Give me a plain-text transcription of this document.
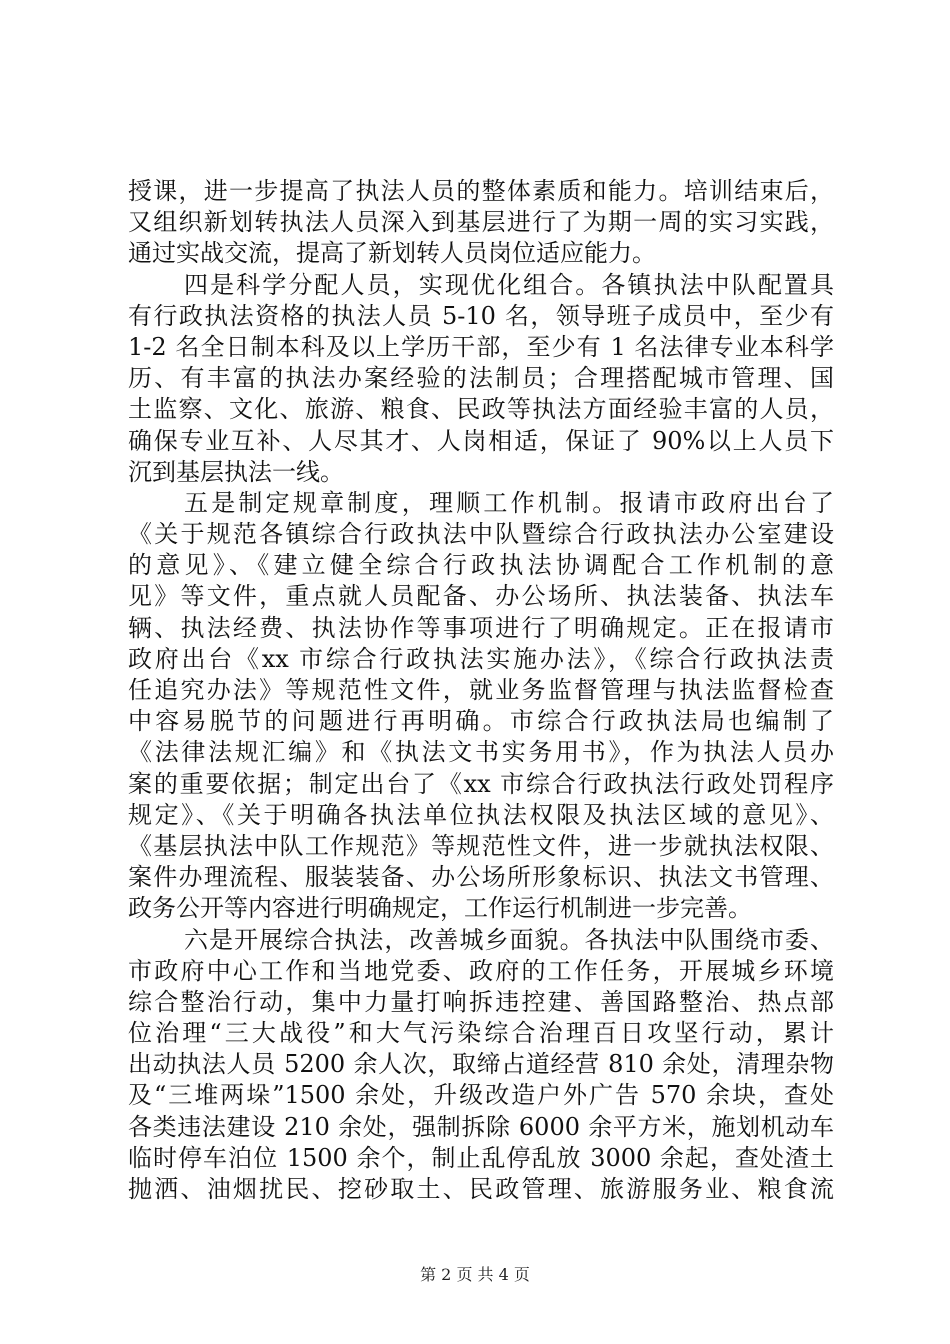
授课，进一步提高了执法人员的整体素质和能力。培训结束后，
又组织新划转执法人员深入到基层进行了为期一周的实习实践，
通过实战交流，提高了新划转人员岗位适应能力。
四是科学分配人员，实现优化组合。各镇执法中队配置具
有行政执法资格的执法人员 5-10 名，领导班子成员中，至少有
1-2 名全日制本科及以上学历干部，至少有 1 名法律专业本科学
历、有丰富的执法办案经验的法制员；合理搭配城市管理、国
土监察、文化、旅游、粮食、民政等执法方面经验丰富的人员，
确保专业互补、人尽其才、人岗相适，保证了 90%以上人员下
沉到基层执法一线。
五是制定规章制度，理顺工作机制。报请市政府出台了
《关于规范各镇综合行政执法中队暨综合行政执法办公室建设
的意见》、《建立健全综合行政执法协调配合工作机制的意
见》等文件，重点就人员配备、办公场所、执法装备、执法车
辆、执法经费、执法协作等事项进行了明确规定。正在报请市
政府出台《xx 市综合行政执法实施办法》，《综合行政执法责
任追究办法》等规范性文件，就业务监督管理与执法监督检查
中容易脱节的问题进行再明确。市综合行政执法局也编制了
《法律法规汇编》和《执法文书实务用书》，作为执法人员办
案的重要依据；制定出台了《xx 市综合行政执法行政处罚程序
规定》、《关于明确各执法单位执法权限及执法区域的意见》、
《基层执法中队工作规范》等规范性文件，进一步就执法权限、
案件办理流程、服装装备、办公场所形象标识、执法文书管理、
政务公开等内容进行明确规定，工作运行机制进一步完善。
六是开展综合执法，改善城乡面貌。各执法中队围绕市委、
市政府中心工作和当地党委、政府的工作任务，开展城乡环境
综合整治行动，集中力量打响拆违控建、善国路整治、热点部
位治理“三大战役”和大气污染综合治理百日攻坚行动，累计
出动执法人员 5200 余人次，取缔占道经营 810 余处，清理杂物
及“三堆两垛”1500 余处，升级改造户外广告 570 余块，查处
各类违法建设 210 余处，强制拆除 6000 余平方米，施划机动车
临时停车泊位 1500 余个，制止乱停乱放 3000 余起，查处渣土
抛洒、油烟扰民、挖砂取土、民政管理、旅游服务业、粮食流
第 2 页 共 4 页
